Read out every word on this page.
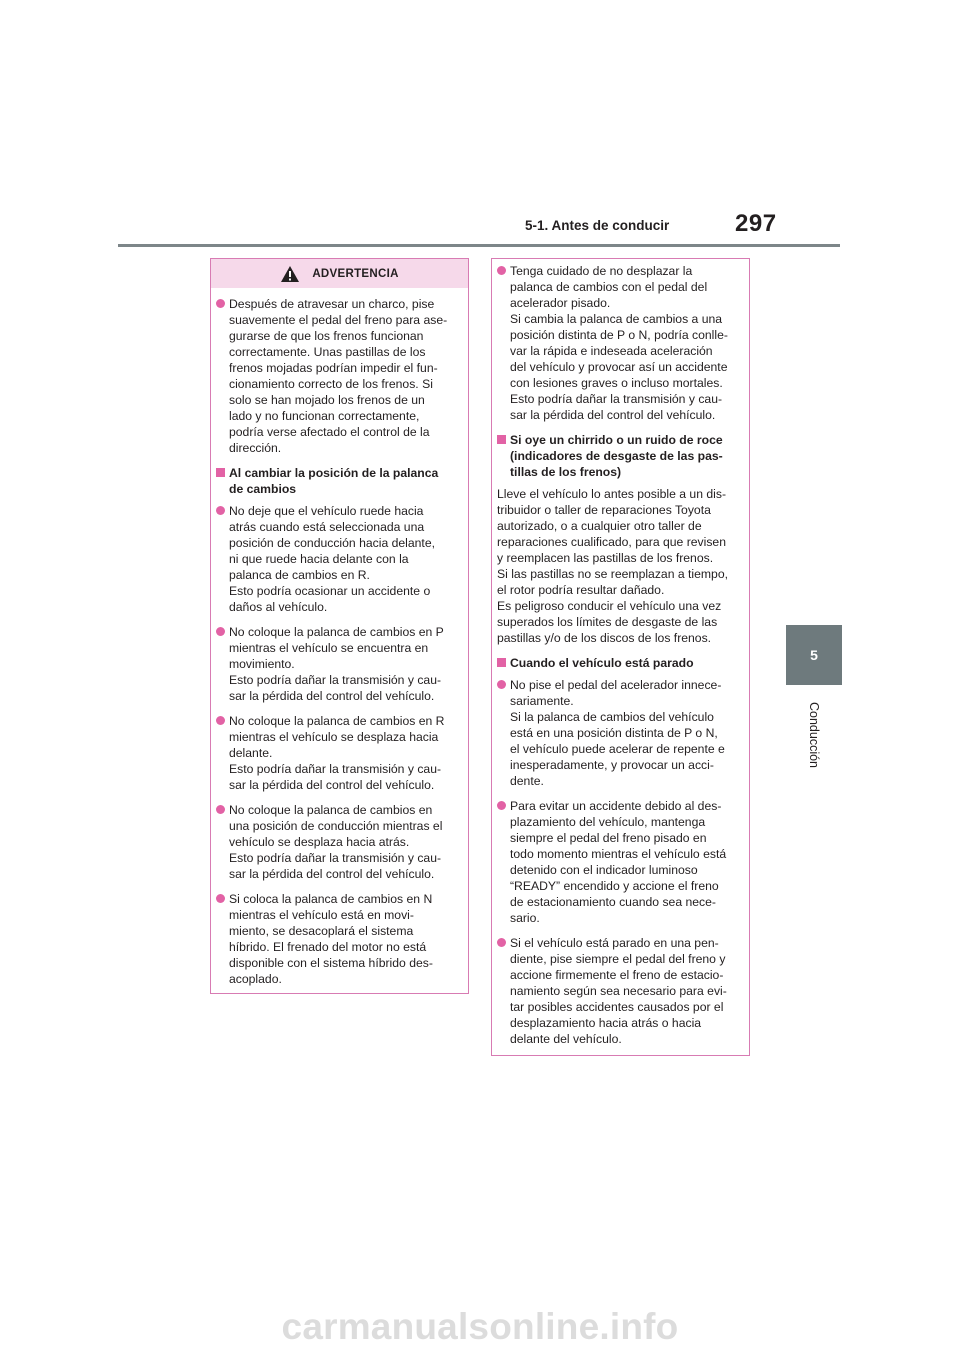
5-1. Antes de conducir	297
5
Conducción
ADVERTENCIA
Después de atravesar un charco, pise
suavemente el pedal del freno para ase-
gurarse de que los frenos funcionan
correctamente. Unas pastillas de los
frenos mojadas podrían impedir el fun-
cionamiento correcto de los frenos. Si
solo se han mojado los frenos de un
lado y no funcionan correctamente,
podría verse afectado el control de la
dirección.
Al cambiar la posición de la palanca
de cambios
No deje que el vehículo ruede hacia
atrás cuando está seleccionada una
posición de conducción hacia delante,
ni que ruede hacia delante con la
palanca de cambios en R.
Esto podría ocasionar un accidente o
daños al vehículo.
No coloque la palanca de cambios en P
mientras el vehículo se encuentra en
movimiento.
Esto podría dañar la transmisión y cau-
sar la pérdida del control del vehículo.
No coloque la palanca de cambios en R
mientras el vehículo se desplaza hacia
delante.
Esto podría dañar la transmisión y cau-
sar la pérdida del control del vehículo.
No coloque la palanca de cambios en
una posición de conducción mientras el
vehículo se desplaza hacia atrás.
Esto podría dañar la transmisión y cau-
sar la pérdida del control del vehículo.
Si coloca la palanca de cambios en N
mientras el vehículo está en movi-
miento, se desacoplará el sistema
híbrido. El frenado del motor no está
disponible con el sistema híbrido des-
acoplado.
Tenga cuidado de no desplazar la
palanca de cambios con el pedal del
acelerador pisado.
Si cambia la palanca de cambios a una
posición distinta de P o N, podría conlle-
var la rápida e indeseada aceleración
del vehículo y provocar así un accidente
con lesiones graves o incluso mortales.
Esto podría dañar la transmisión y cau-
sar la pérdida del control del vehículo.
Si oye un chirrido o un ruido de roce
(indicadores de desgaste de las pas-
tillas de los frenos)
Lleve el vehículo lo antes posible a un dis-
tribuidor o taller de reparaciones Toyota
autorizado, o a cualquier otro taller de
reparaciones cualificado, para que revisen
y reemplacen las pastillas de los frenos.
Si las pastillas no se reemplazan a tiempo,
el rotor podría resultar dañado.
Es peligroso conducir el vehículo una vez
superados los límites de desgaste de las
pastillas y/o de los discos de los frenos.
Cuando el vehículo está parado
No pise el pedal del acelerador innece-
sariamente.
Si la palanca de cambios del vehículo
está en una posición distinta de P o N,
el vehículo puede acelerar de repente e
inesperadamente, y provocar un acci-
dente.
Para evitar un accidente debido al des-
plazamiento del vehículo, mantenga
siempre el pedal del freno pisado en
todo momento mientras el vehículo está
detenido con el indicador luminoso
“READY” encendido y accione el freno
de estacionamiento cuando sea nece-
sario.
Si el vehículo está parado en una pen-
diente, pise siempre el pedal del freno y
accione firmemente el freno de estacio-
namiento según sea necesario para evi-
tar posibles accidentes causados por el
desplazamiento hacia atrás o hacia
delante del vehículo.
carmanualsonline.info
